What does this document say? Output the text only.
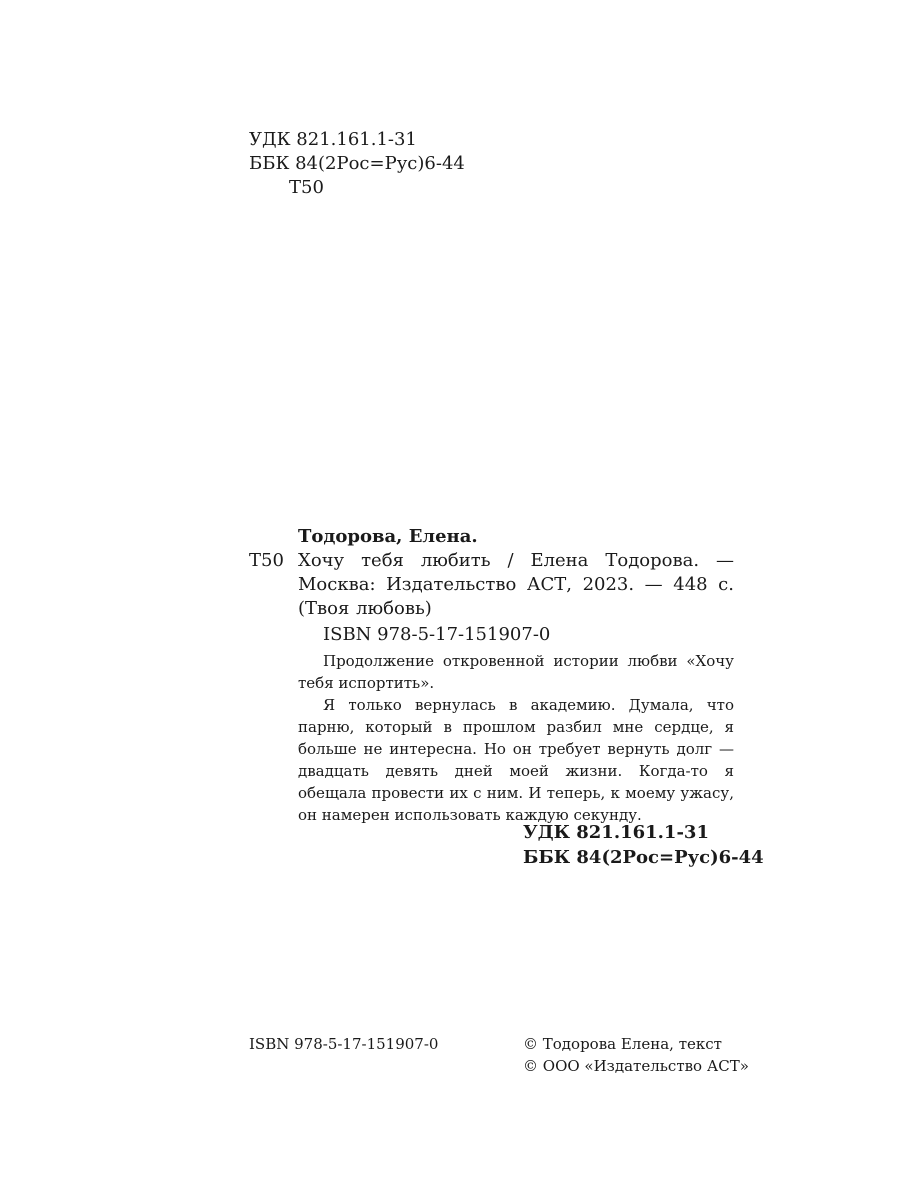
УДК 821.161.1-31
ББК 84(2Рос=Рус)6-44
Т50
Тодорова, Елена.
Т50 Хочу тебя любить / Елена Тодорова. — Москва: Издательство АСТ, 2023. — 448 с. (Твоя любовь)
ISBN 978-5-17-151907-0

Продолжение откровенной истории любви «Хочу тебя испортить».

Я только вернулась в академию. Думала, что парню, который в прошлом разбил мне сердце, я больше не интересна. Но он требует вернуть долг — двадцать девять дней моей жизни. Когда-то я обещала провести их с ним. И теперь, к моему ужасу, он намерен использовать каждую секунду.

УДК 821.161.1-31
ББК 84(2Рос=Рус)6-44
ISBN 978-5-17-151907-0	© Тодорова Елена, текст
© ООО «Издательство АСТ»
